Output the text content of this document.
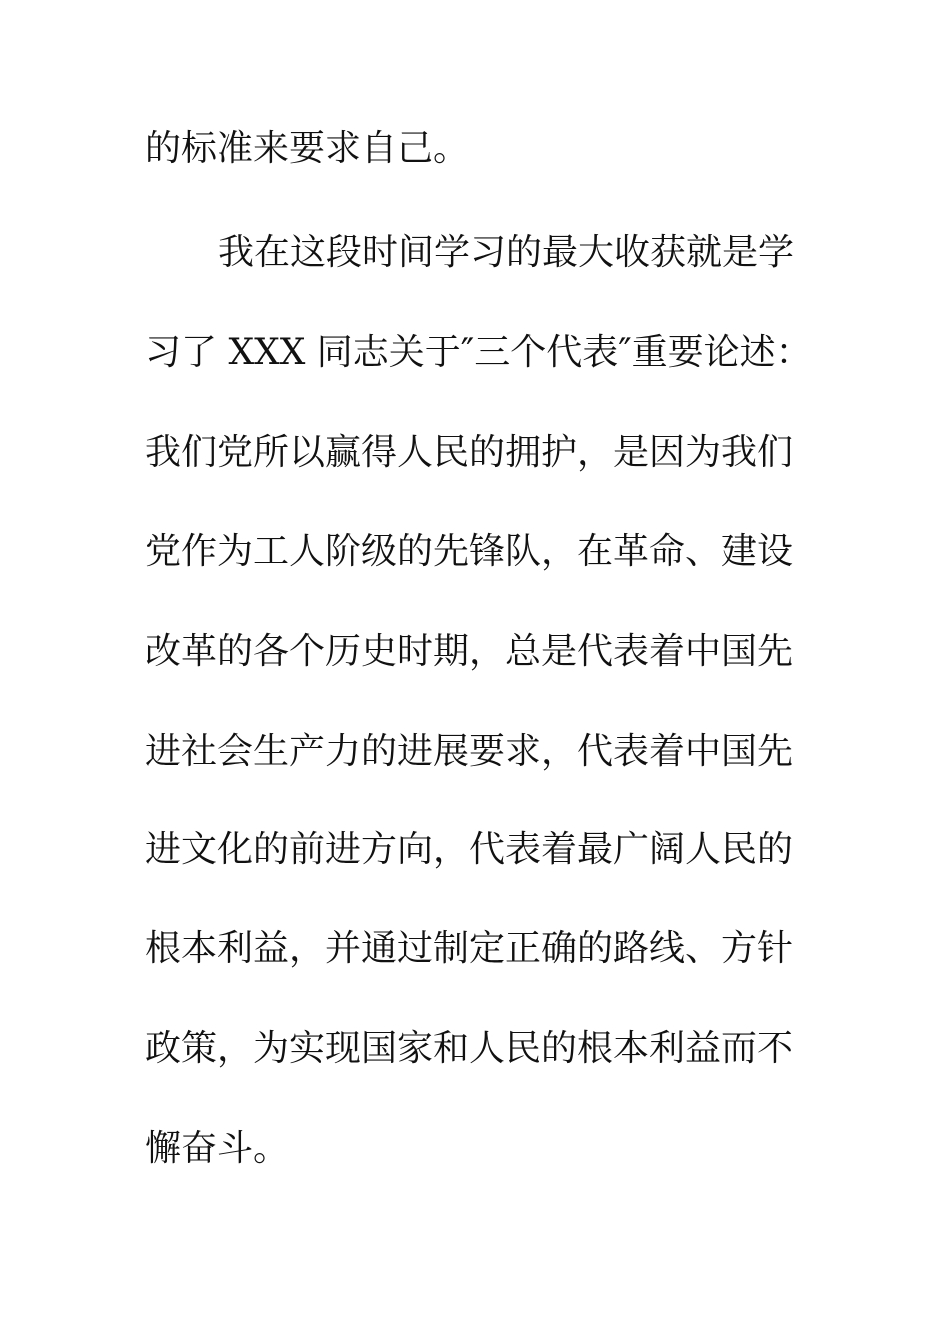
的标准来要求自己。
我在这段时间学习的最大收获就是学
习了 XXX 同志关于″三个代表″重要论述：
我们党所以赢得人民的拥护，是因为我们
党作为工人阶级的先锋队，在革命、建设
改革的各个历史时期，总是代表着中国先
进社会生产力的进展要求，代表着中国先
进文化的前进方向，代表着最广阔人民的
根本利益，并通过制定正确的路线、方针
政策，为实现国家和人民的根本利益而不
懈奋斗。
